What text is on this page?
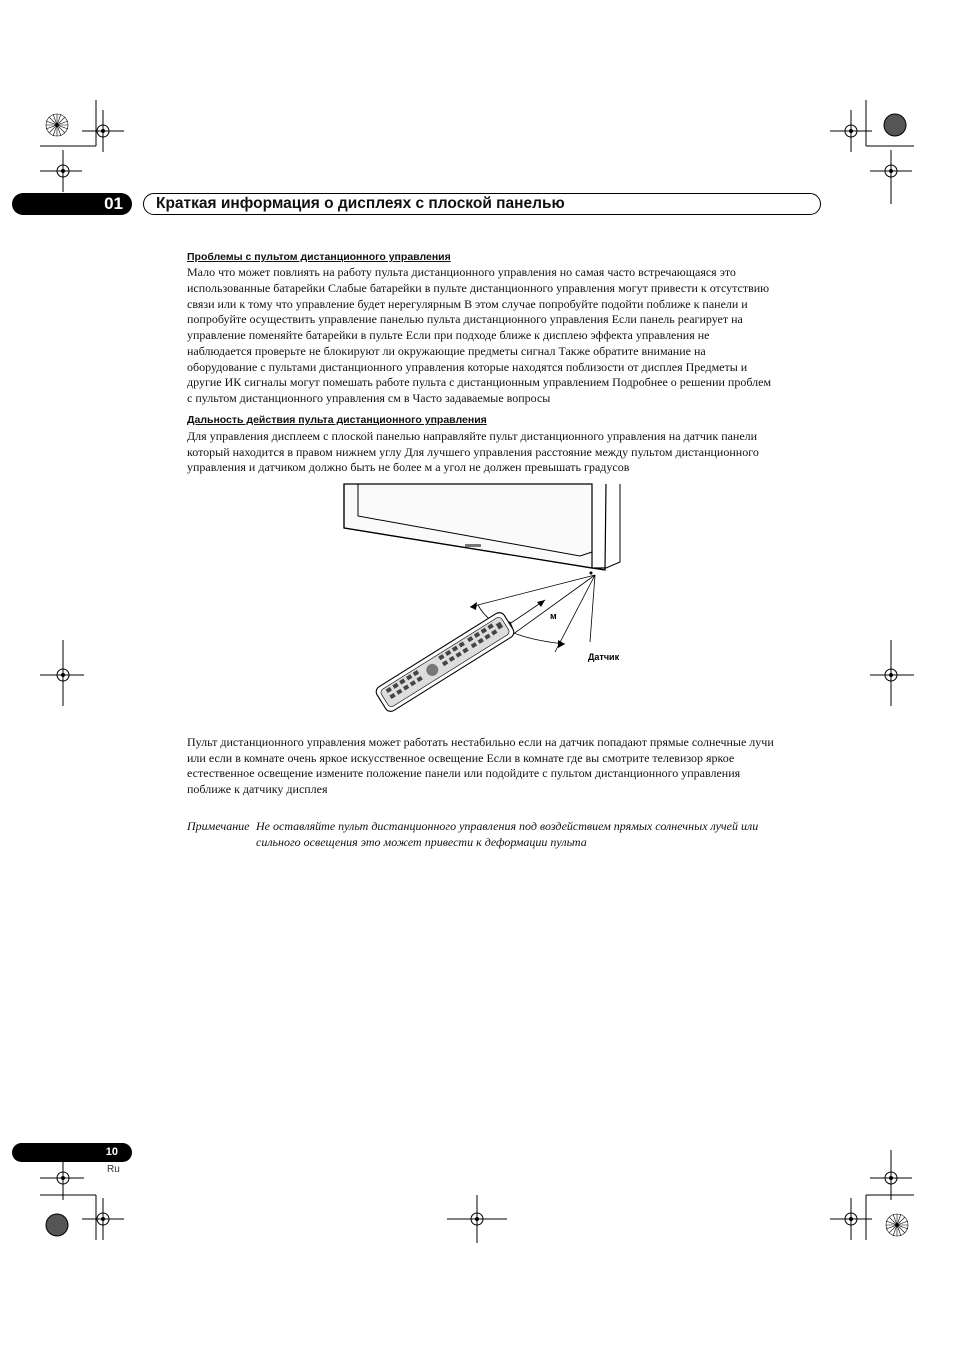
01	Краткая информация о дисплеях с плоской панелью
Проблемы с пультом дистанционного управления
Мало что может повлиять на работу пульта дистанционного управления но самая часто встречающаяся это
использованные батарейки Слабые батарейки в пульте дистанционного управления могут привести к отсутствию
связи или к тому что управление будет нерегулярным В этом случае попробуйте подойти поближе к панели и
попробуйте осуществить управление панелью пульта дистанционного управления Если панель реагирует на
управление поменяйте батарейки в пульте Если при подходе ближе к дисплею эффекта управления не
наблюдается проверьте не блокируют ли окружающие предметы сигнал Также обратите внимание на
оборудование с пультами дистанционного управления которые находятся поблизости от дисплея Предметы и
другие ИК сигналы могут помешать работе пульта с дистанционным управлением Подробнее о решении проблем
с пультом дистанционного управления см в Часто задаваемые вопросы
Дальность действия пульта дистанционного управления
Для управления дисплеем с плоской панелью направляйте пульт дистанционного управления на датчик панели
который находится в правом нижнем углу Для лучшего управления расстояние между пультом дистанционного
управления и датчиком должно быть не более м а угол не должен превышать градусов
м
Датчик
Пульт дистанционного управления может работать нестабильно если на датчик попадают прямые солнечные лучи
или если в комнате очень яркое искусственное освещение Если в комнате где вы смотрите телевизор яркое
естественное освещение измените положение панели или подойдите с пультом дистанционного управления
поближе к датчику дисплея
Примечание Не оставляйте пульт дистанционного управления под воздействием прямых солнечных лучей или
сильного освещения это может привести к деформации пульта
10
Ru
